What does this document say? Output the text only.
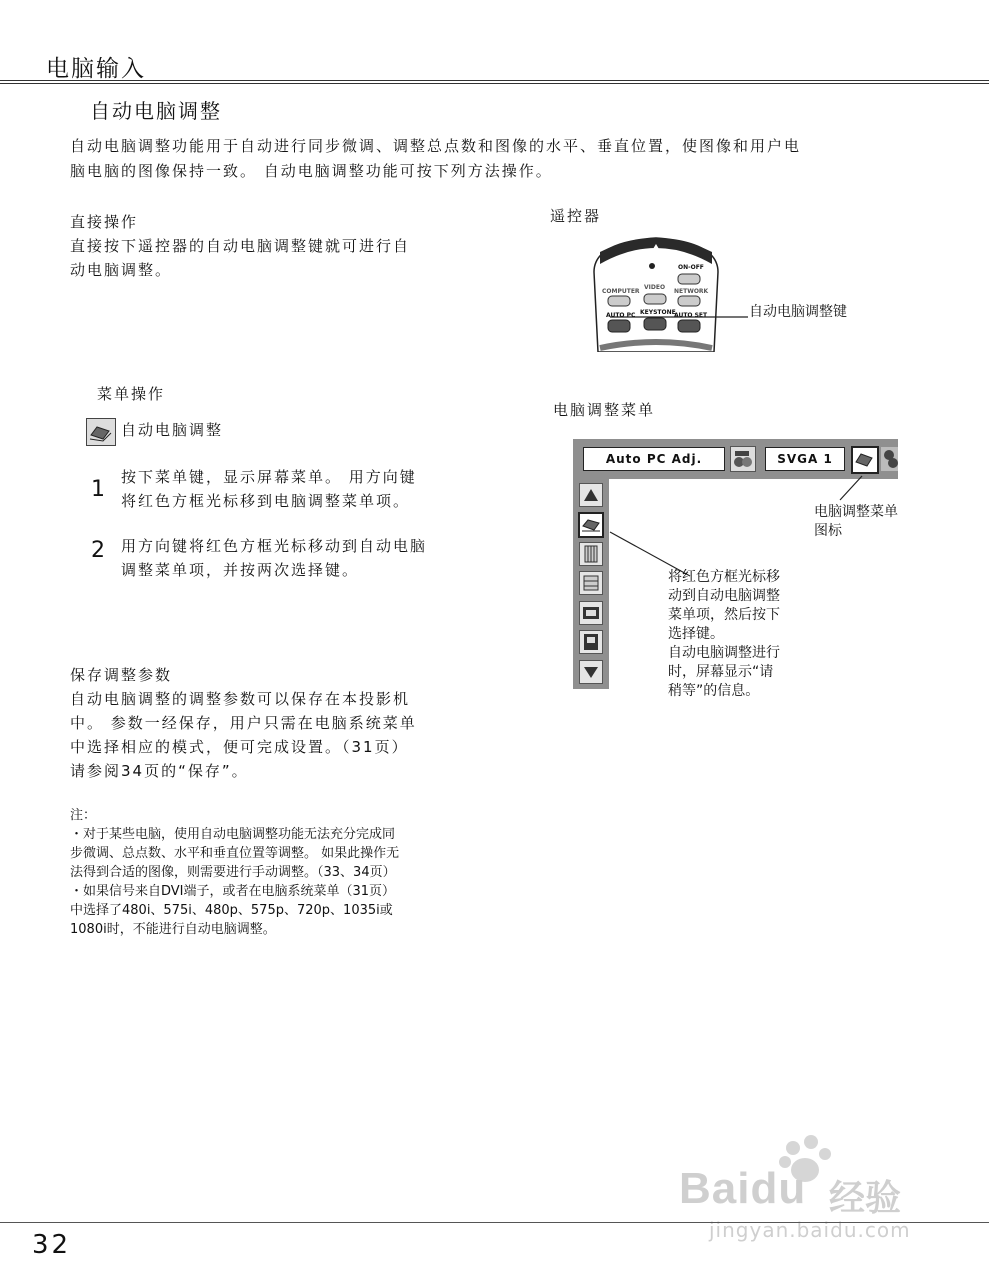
电脑输入
自动电脑调整
自动电脑调整功能用于自动进行同步微调、调整总点数和图像的水平、垂直位置，使图像和用户电
脑电脑的图像保持一致。 自动电脑调整功能可按下列方法操作。
直接操作
直接按下遥控器的自动电脑调整键就可进行自
动电脑调整。
遥控器
ON-OFF
COMPUTER
VIDEO
NETWORK
AUTO PC KEYSTONE
AUTO SET	自动电脑调整键
菜单操作
自动电脑调整
1 按下菜单键，显示屏幕菜单。 用方向键
将红色方框光标移到电脑调整菜单项。
2 用方向键将红色方框光标移动到自动电脑
调整菜单项，并按两次选择键。
电脑调整菜单
Auto PC Adj.	SVGA 1
电脑调整菜单
图标
将红色方框光标移
动到自动电脑调整
菜单项，然后按下
选择键。
自动电脑调整进行
时，屏幕显示“请
稍等”的信息。
保存调整参数
自动电脑调整的调整参数可以保存在本投影机
中。 参数一经保存，用户只需在电脑系统菜单
中选择相应的模式，便可完成设置。（31页）
请参阅34页的“保存”。
注：
・对于某些电脑，使用自动电脑调整功能无法充分完成同
步微调、总点数、水平和垂直位置等调整。 如果此操作无
法得到合适的图像，则需要进行手动调整。（33、34页）
・如果信号来自DVI端子，或者在电脑系统菜单（31页）
中选择了480i、575i、480p、575p、720p、1035i或
1080i时，不能进行自动电脑调整。
Baidu 经验
jingyan.baidu.com
32
